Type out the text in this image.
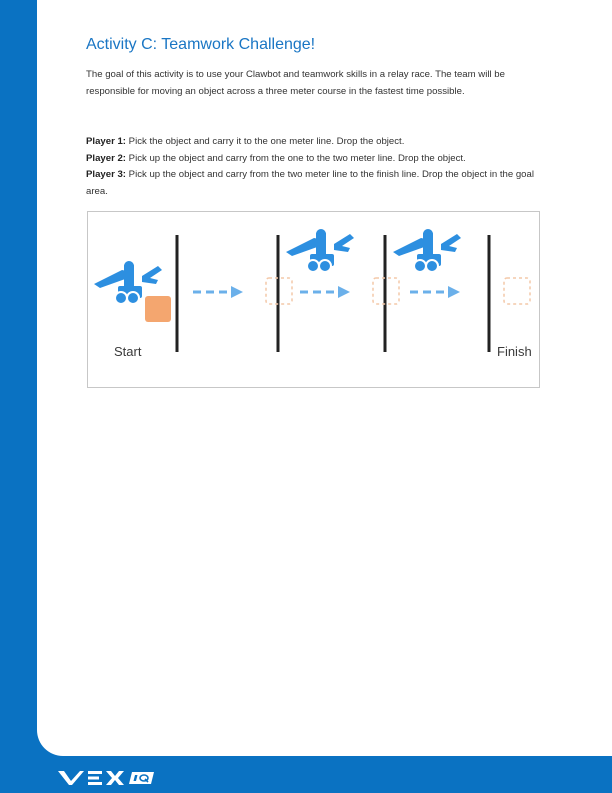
Activity C: Teamwork Challenge!

The goal of this activity is to use your Clawbot and teamwork skills in a relay race. The team will be responsible for moving an object across a three meter course in the fastest time possible.

Player 1: Pick the object and carry it to the one meter line. Drop the object.
Player 2: Pick up the object and carry from the one to the two meter line. Drop the object.
Player 3: Pick up the object and carry from the two meter line to the finish line. Drop the object in the goal area.

Start	Finish
